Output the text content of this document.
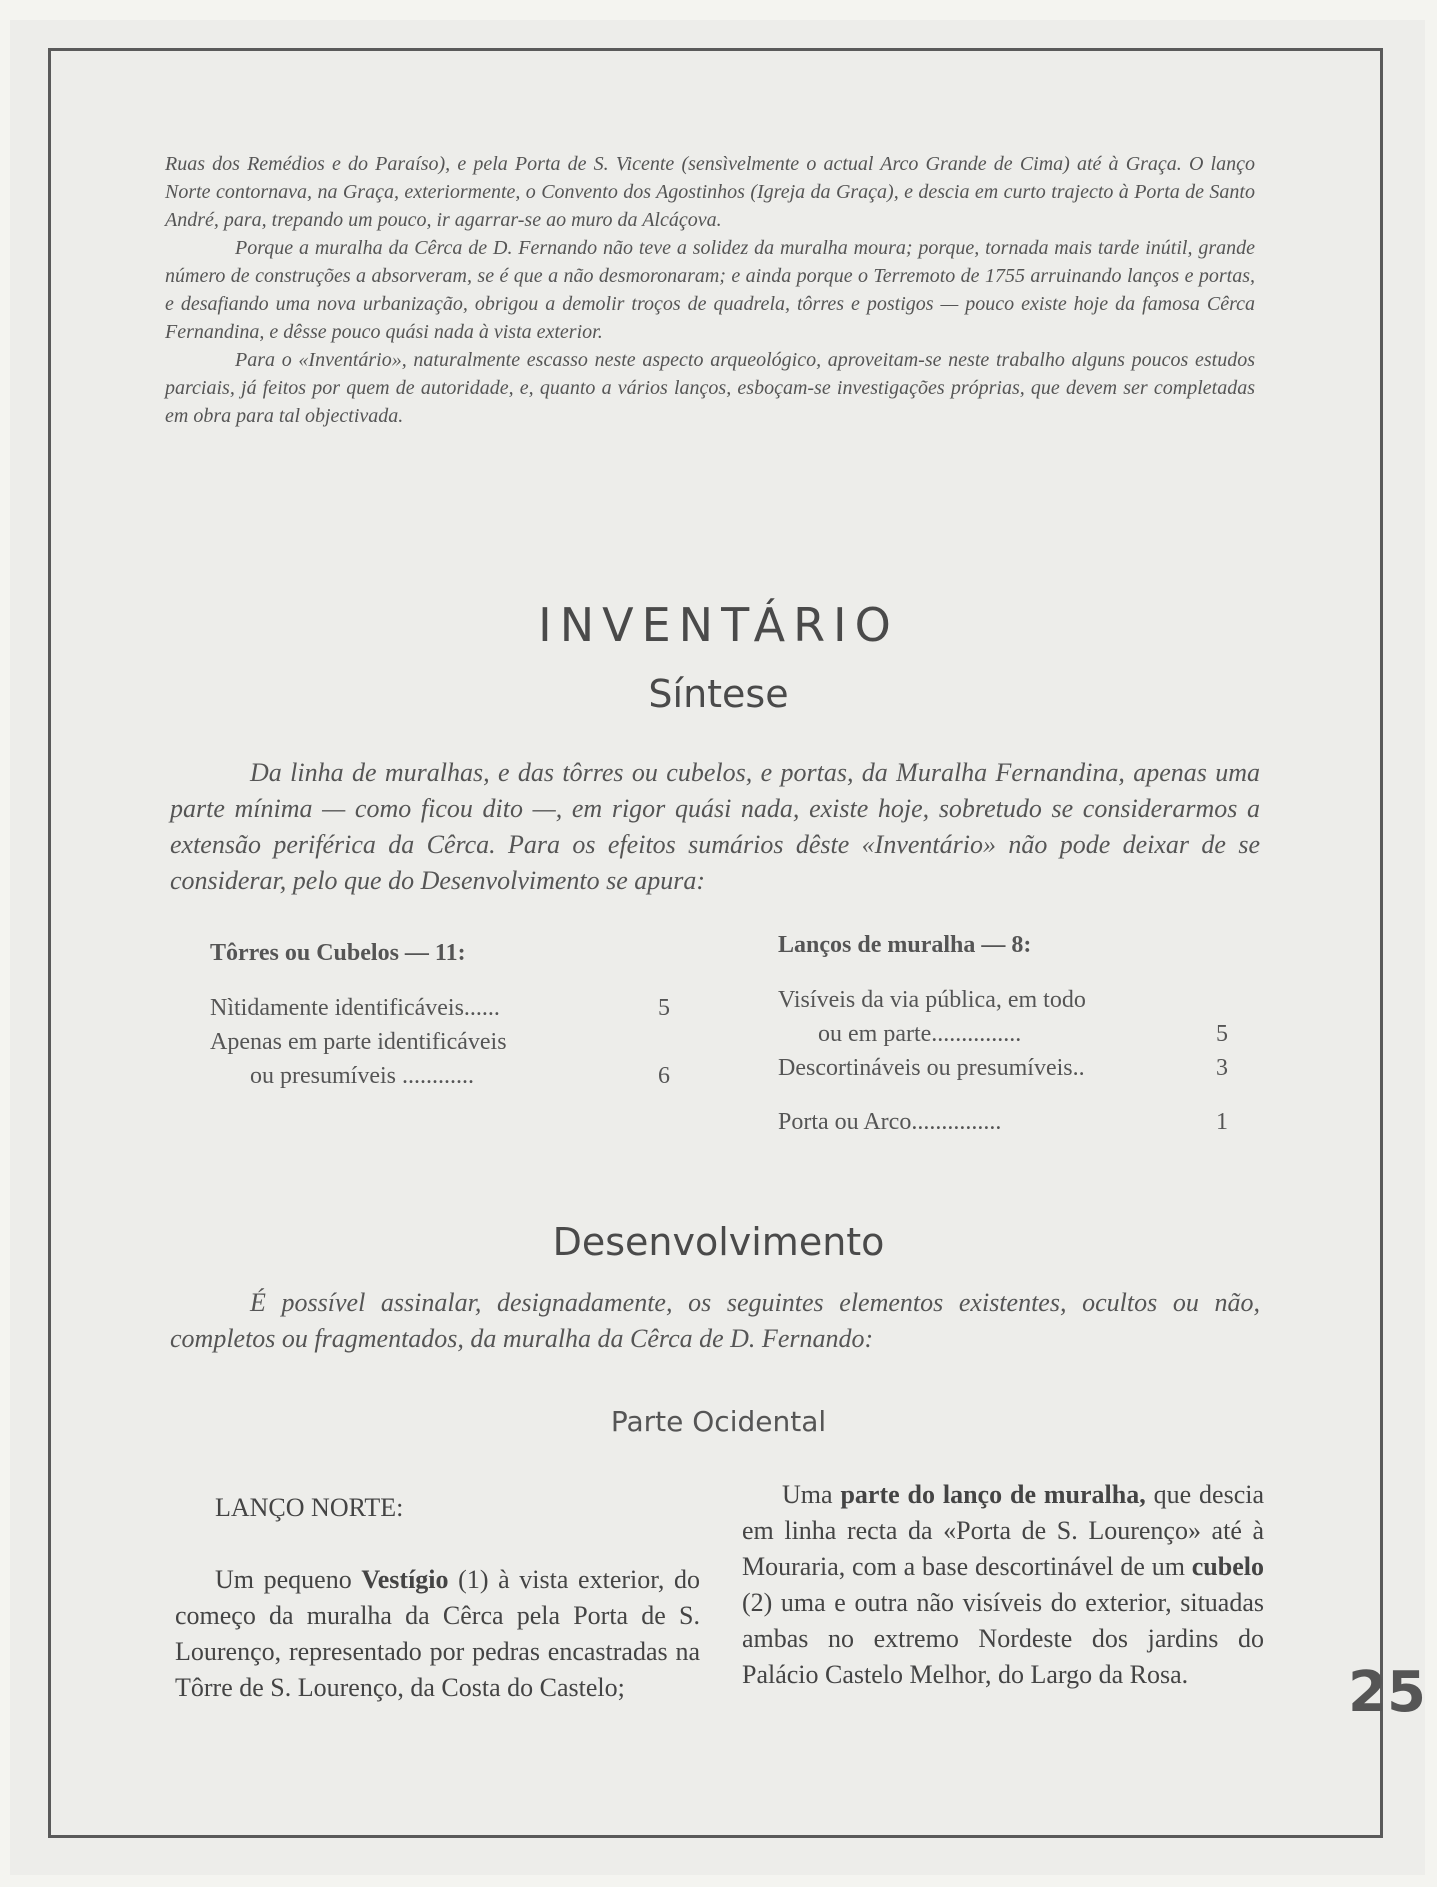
Ruas dos Remédios e do Paraíso), e pela Porta de S. Vicente (sensìvelmente o actual Arco Grande de Cima) até à Graça. O lanço Norte contornava, na Graça, exteriormente, o Convento dos Agostinhos (Igreja da Graça), e descia em curto trajecto à Porta de Santo André, para, trepando um pouco, ir agarrar-se ao muro da Alcáçova.

Porque a muralha da Cêrca de D. Fernando não teve a solidez da muralha moura; porque, tornada mais tarde inútil, grande número de construções a absorveram, se é que a não desmoronaram; e ainda porque o Terremoto de 1755 arruinando lanços e portas, e desafiando uma nova urbanização, obrigou a demolir troços de quadrela, tôrres e postigos — pouco existe hoje da famosa Cêrca Fernandina, e dêsse pouco quási nada à vista exterior.

Para o «Inventário», naturalmente escasso neste aspecto arqueológico, aproveitam-se neste trabalho alguns poucos estudos parciais, já feitos por quem de autoridade, e, quanto a vários lanços, esboçam-se investigações próprias, que devem ser completadas em obra para tal objectivada.

INVENTÁRIO
Síntese
Da linha de muralhas, e das tôrres ou cubelos, e portas, da Muralha Fernandina, apenas uma parte mínima — como ficou dito —, em rigor quási nada, existe hoje, sobretudo se considerarmos a extensão periférica da Cêrca. Para os efeitos sumários dêste «Inventário» não pode deixar de se considerar, pelo que do Desenvolvimento se apura:
Tôrres ou Cubelos — 11:
Nìtidamente identificáveis......	5
Apenas em parte identificáveis
ou presumíveis ............	6
Lanços de muralha — 8:
Visíveis da via pública, em todo
ou em parte...............	5
Descortináveis ou presumíveis..	3
Porta ou Arco...............	1
Desenvolvimento
É possível assinalar, designadamente, os seguintes elementos existentes, ocultos ou não, completos ou fragmentados, da muralha da Cêrca de D. Fernando:
Parte Ocidental
LANÇO NORTE:

Um pequeno Vestígio (1) à vista exterior, do começo da muralha da Cêrca pela Porta de S. Lourenço, representado por pedras encastradas na Tôrre de S. Lourenço, da Costa do Castelo;

Uma parte do lanço de muralha, que descia em linha recta da «Porta de S. Lourenço» até à Mouraria, com a base descortinável de um cubelo (2) uma e outra não visíveis do exterior, situadas ambas no extremo Nordeste dos jardins do Palácio Castelo Melhor, do Largo da Rosa.	25
